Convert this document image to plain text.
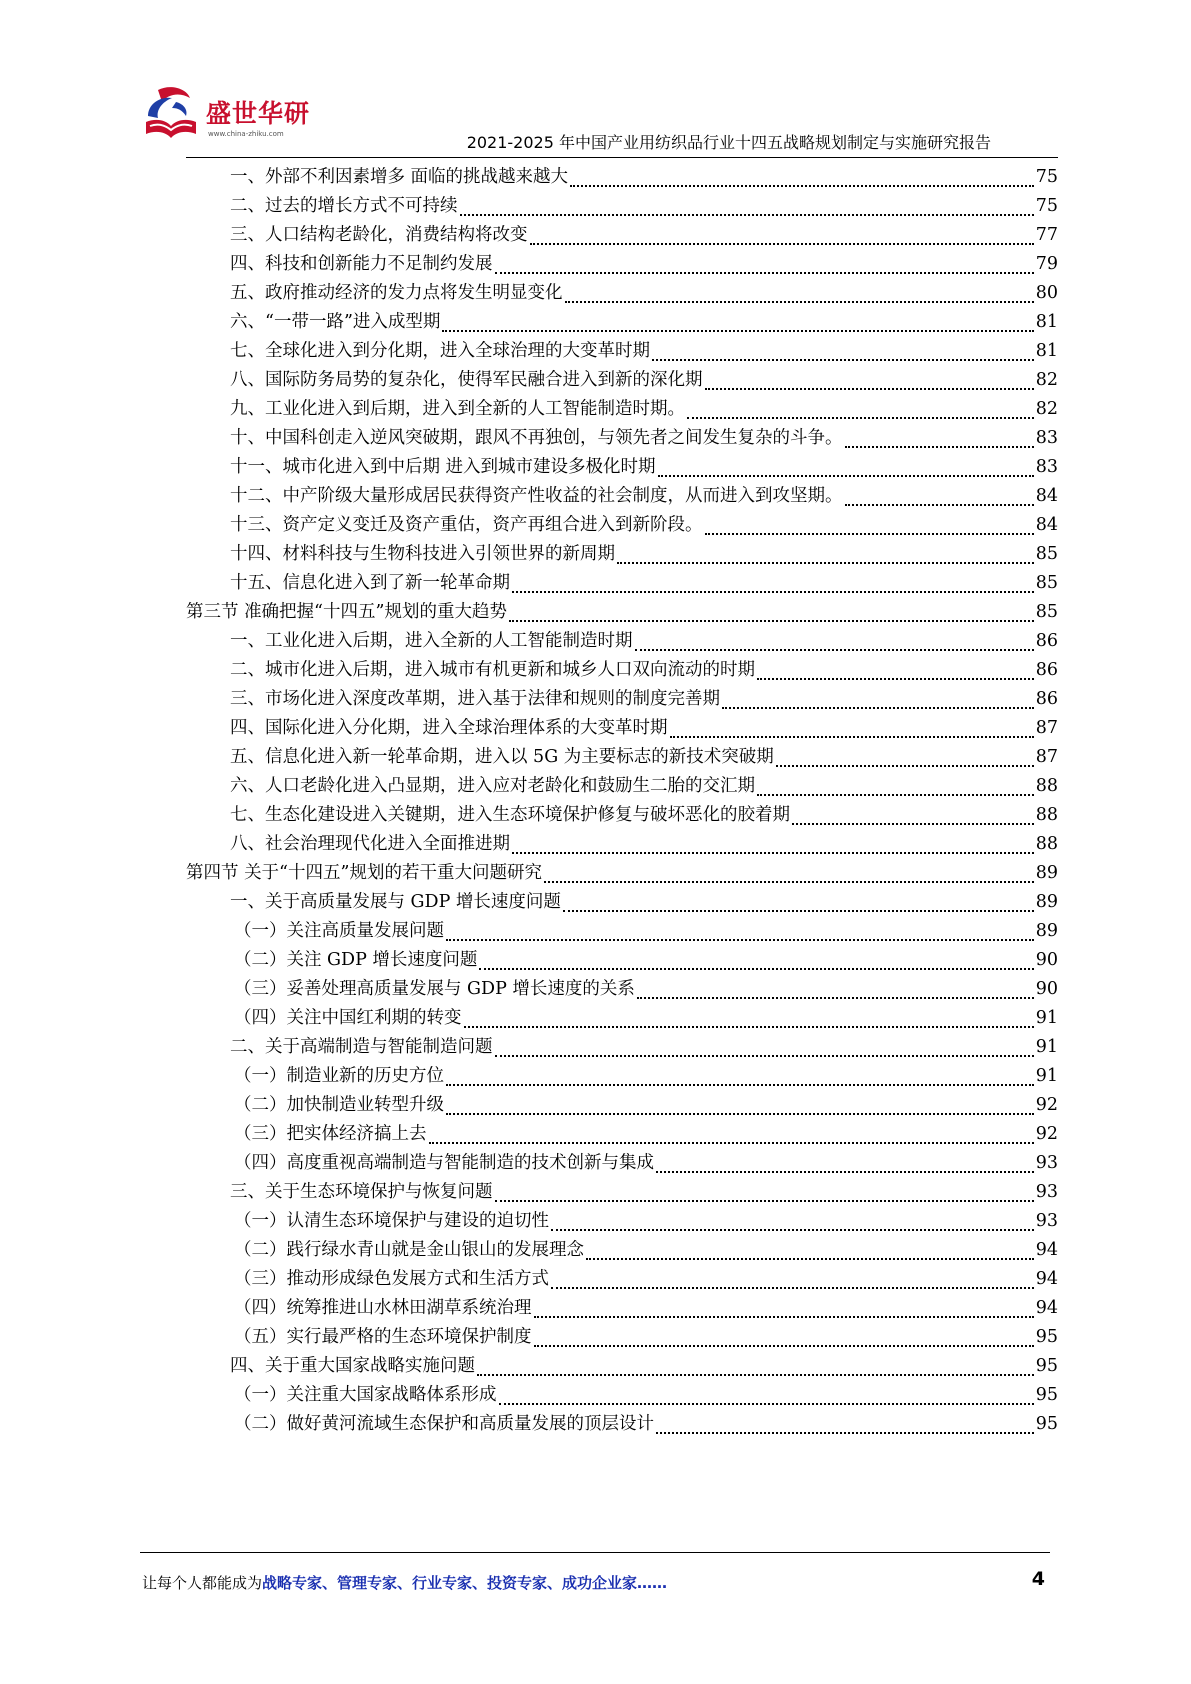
盛世华研
www.china-zhiku.com	2021-2025 年中国产业用纺织品行业十四五战略规划制定与实施研究报告
一、外部不利因素增多 面临的挑战越来越大	75
二、过去的增长方式不可持续	75
三、人口结构老龄化，消费结构将改变	77
四、科技和创新能力不足制约发展	79
五、政府推动经济的发力点将发生明显变化	80
六、“一带一路”进入成型期	81
七、全球化进入到分化期，进入全球治理的大变革时期	81
八、国际防务局势的复杂化，使得军民融合进入到新的深化期	82
九、工业化进入到后期，进入到全新的人工智能制造时期。	82
十、中国科创走入逆风突破期，跟风不再独创，与领先者之间发生复杂的斗争。	83
十一、城市化进入到中后期 进入到城市建设多极化时期	83
十二、中产阶级大量形成居民获得资产性收益的社会制度，从而进入到攻坚期。	84
十三、资产定义变迁及资产重估，资产再组合进入到新阶段。	84
十四、材料科技与生物科技进入引领世界的新周期	85
十五、信息化进入到了新一轮革命期	85
第三节 准确把握“十四五”规划的重大趋势	85
一、工业化进入后期，进入全新的人工智能制造时期	86
二、城市化进入后期，进入城市有机更新和城乡人口双向流动的时期	86
三、市场化进入深度改革期，进入基于法律和规则的制度完善期	86
四、国际化进入分化期，进入全球治理体系的大变革时期	87
五、信息化进入新一轮革命期，进入以 5G 为主要标志的新技术突破期	87
六、人口老龄化进入凸显期，进入应对老龄化和鼓励生二胎的交汇期	88
七、生态化建设进入关键期，进入生态环境保护修复与破坏恶化的胶着期	88
八、社会治理现代化进入全面推进期	88
第四节 关于“十四五”规划的若干重大问题研究	89
一、关于高质量发展与 GDP 增长速度问题	89
（一）关注高质量发展问题	89
（二）关注 GDP 增长速度问题	90
（三）妥善处理高质量发展与 GDP 增长速度的关系	90
（四）关注中国红利期的转变	91
二、关于高端制造与智能制造问题	91
（一）制造业新的历史方位	91
（二）加快制造业转型升级	92
（三）把实体经济搞上去	92
（四）高度重视高端制造与智能制造的技术创新与集成	93
三、关于生态环境保护与恢复问题	93
（一）认清生态环境保护与建设的迫切性	93
（二）践行绿水青山就是金山银山的发展理念	94
（三）推动形成绿色发展方式和生活方式	94
（四）统筹推进山水林田湖草系统治理	94
（五）实行最严格的生态环境保护制度	95
四、关于重大国家战略实施问题	95
（一）关注重大国家战略体系形成	95
（二）做好黄河流域生态保护和高质量发展的顶层设计	95
让每个人都能成为战略专家、管理专家、行业专家、投资专家、成功企业家……	4
